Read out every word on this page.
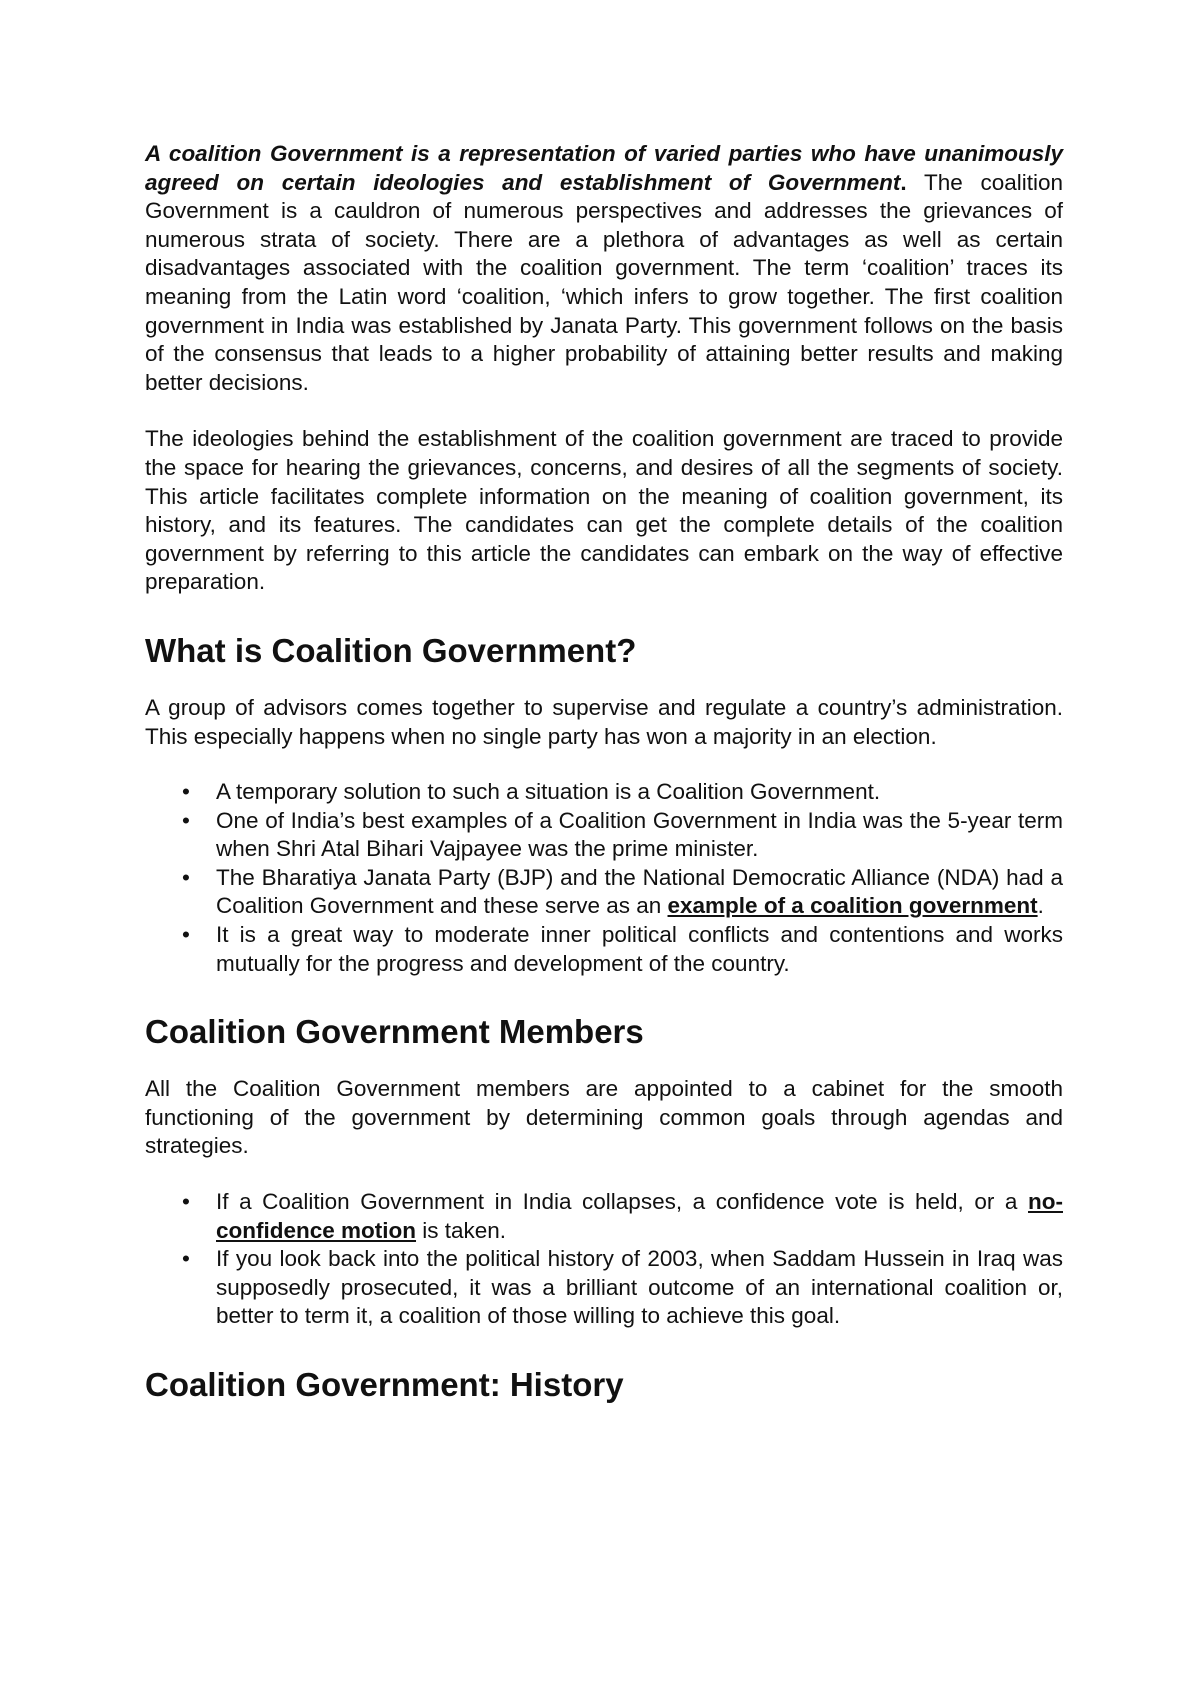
A coalition Government is a representation of varied parties who have unanimously agreed on certain ideologies and establishment of Government. The coalition Government is a cauldron of numerous perspectives and addresses the grievances of numerous strata of society. There are a plethora of advantages as well as certain disadvantages associated with the coalition government. The term ‘coalition’ traces its meaning from the Latin word ‘coalition, ‘which infers to grow together. The first coalition government in India was established by Janata Party. This government follows on the basis of the consensus that leads to a higher probability of attaining better results and making better decisions.

The ideologies behind the establishment of the coalition government are traced to provide the space for hearing the grievances, concerns, and desires of all the segments of society. This article facilitates complete information on the meaning of coalition government, its history, and its features. The candidates can get the complete details of the coalition government by referring to this article the candidates can embark on the way of effective preparation.

What is Coalition Government?

A group of advisors comes together to supervise and regulate a country’s administration. This especially happens when no single party has won a majority in an election.

• A temporary solution to such a situation is a Coalition Government.
• One of India’s best examples of a Coalition Government in India was the 5-year term when Shri Atal Bihari Vajpayee was the prime minister.
• The Bharatiya Janata Party (BJP) and the National Democratic Alliance (NDA) had a Coalition Government and these serve as an example of a coalition government.
• It is a great way to moderate inner political conflicts and contentions and works mutually for the progress and development of the country.
Coalition Government Members

All the Coalition Government members are appointed to a cabinet for the smooth functioning of the government by determining common goals through agendas and strategies.

• If a Coalition Government in India collapses, a confidence vote is held, or a no-confidence motion is taken.
• If you look back into the political history of 2003, when Saddam Hussein in Iraq was supposedly prosecuted, it was a brilliant outcome of an international coalition or, better to term it, a coalition of those willing to achieve this goal.
Coalition Government: History
